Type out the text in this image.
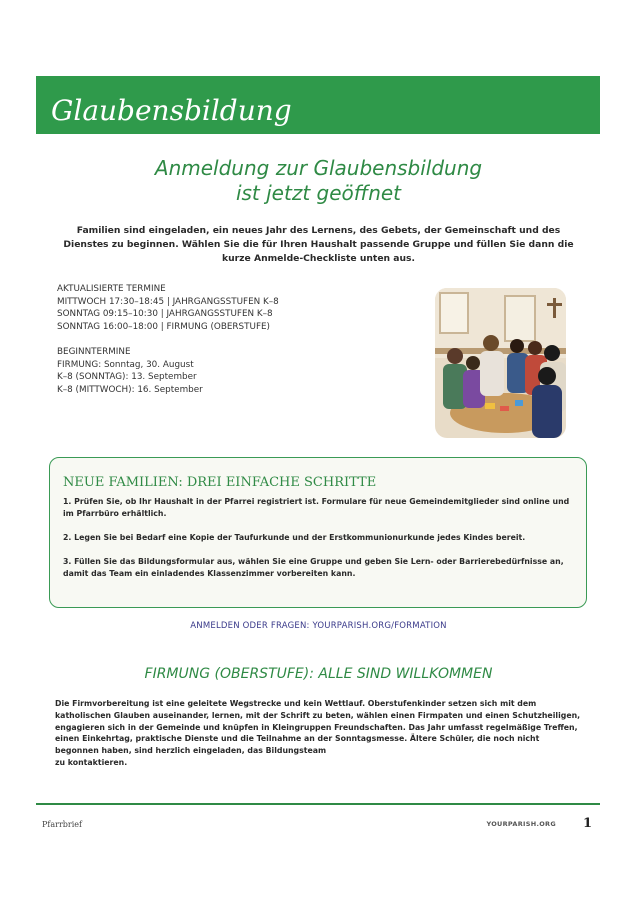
Glaubensbildung
Anmeldung zur Glaubensbildung
ist jetzt geöffnet
Familien sind eingeladen, ein neues Jahr des Lernens, des Gebets, der Gemeinschaft und des Dienstes zu beginnen. Wählen Sie die für Ihren Haushalt passende Gruppe und füllen Sie dann die kurze Anmelde-Checkliste unten aus.
AKTUALISIERTE TERMINE
MITTWOCH 17:30–18:45 | JAHRGANGSSTUFEN K–8
SONNTAG 09:15–10:30 | JAHRGANGSSTUFEN K–8
SONNTAG 16:00–18:00 | FIRMUNG (OBERSTUFE)
BEGINNTERMINE
FIRMUNG: Sonntag, 30. August
K–8 (SONNTAG): 13. September
K–8 (MITTWOCH): 16. September
NEUE FAMILIEN: DREI EINFACHE SCHRITTE
1. Prüfen Sie, ob Ihr Haushalt in der Pfarrei registriert ist. Formulare für neue Gemeindemitglieder sind online und im Pfarrbüro erhältlich.
2. Legen Sie bei Bedarf eine Kopie der Taufurkunde und der Erstkommunionurkunde jedes Kindes bereit.
3. Füllen Sie das Bildungsformular aus, wählen Sie eine Gruppe und geben Sie Lern- oder Barrierebedürfnisse an, damit das Team ein einladendes Klassenzimmer vorbereiten kann.
ANMELDEN ODER FRAGEN: YOURPARISH.ORG/FORMATION
FIRMUNG (OBERSTUFE): ALLE SIND WILLKOMMEN
Die Firmvorbereitung ist eine geleitete Wegstrecke und kein Wettlauf. Oberstufenkinder setzen sich mit dem katholischen Glauben auseinander, lernen, mit der Schrift zu beten, wählen einen Firmpaten und einen Schutzheiligen, engagieren sich in der Gemeinde und knüpfen in Kleingruppen Freundschaften. Das Jahr umfasst regelmäßige Treffen, einen Einkehrtag, praktische Dienste und die Teilnahme an der Sonntagsmesse. Ältere Schüler, die noch nicht begonnen haben, sind herzlich eingeladen, das Bildungsteam
zu kontaktieren.
Pfarrbrief	YOURPARISH.ORG 1
